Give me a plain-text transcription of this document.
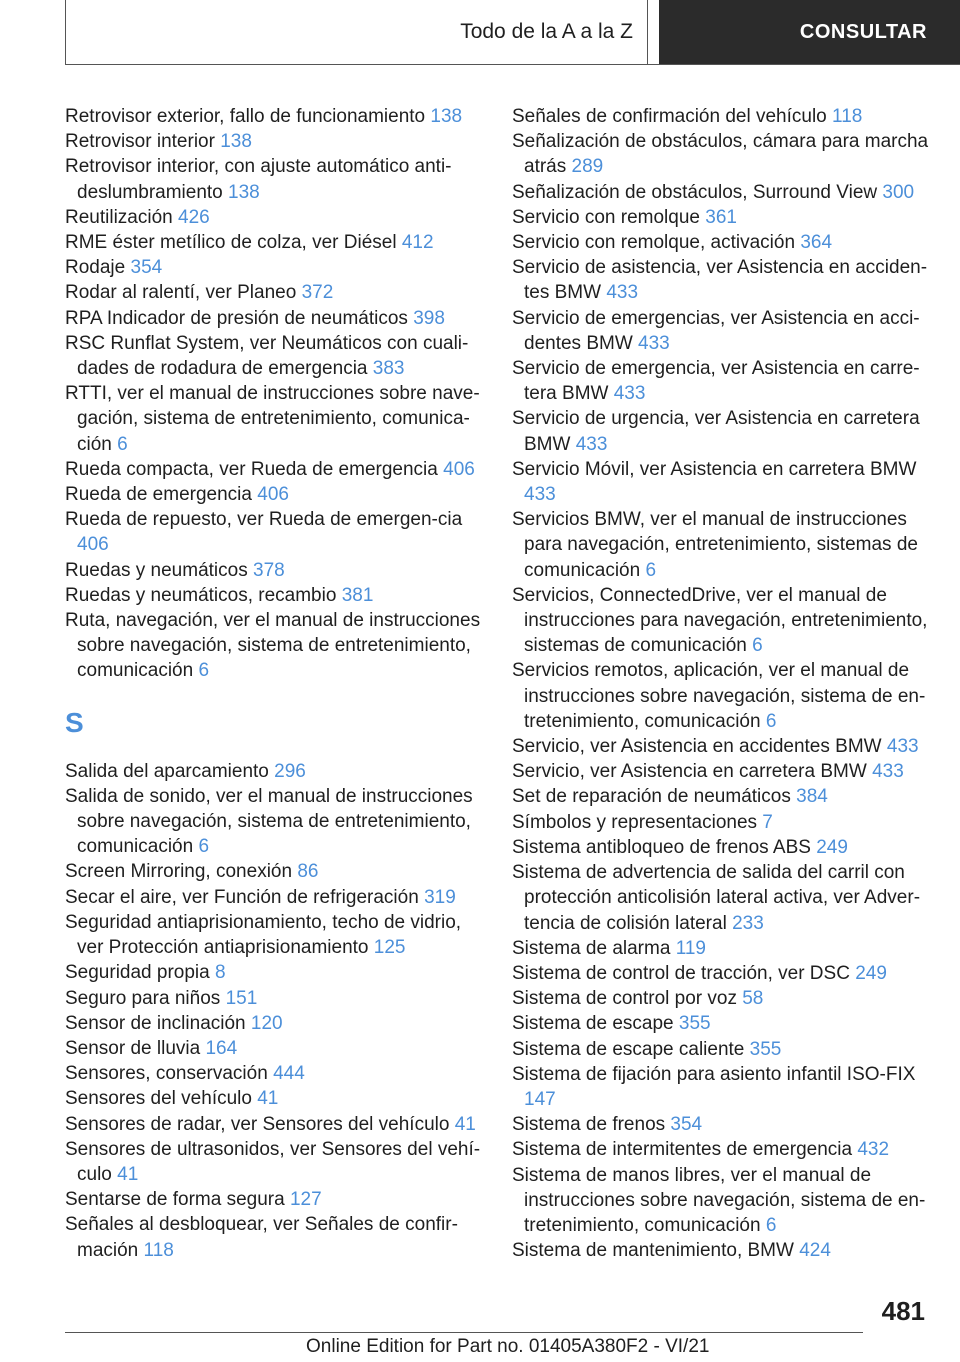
Todo de la A a la Z	CONSULTAR
Retrovisor exterior, fallo de funcionamiento 138
Retrovisor interior 138
Retrovisor interior, con ajuste automático anti-deslumbramiento 138
Reutilización 426
RME éster metílico de colza, ver Diésel 412
Rodaje 354
Rodar al ralentí, ver Planeo 372
RPA Indicador de presión de neumáticos 398
RSC Runflat System, ver Neumáticos con cuali-dades de rodadura de emergencia 383
RTTI, ver el manual de instrucciones sobre nave-gación, sistema de entretenimiento, comunica-ción 6
Rueda compacta, ver Rueda de emergencia 406
Rueda de emergencia 406
Rueda de repuesto, ver Rueda de emergen-cia 406
Ruedas y neumáticos 378
Ruedas y neumáticos, recambio 381
Ruta, navegación, ver el manual de instrucciones sobre navegación, sistema de entretenimiento, comunicación 6
S
Salida del aparcamiento 296
Salida de sonido, ver el manual de instrucciones sobre navegación, sistema de entretenimiento, comunicación 6
Screen Mirroring, conexión 86
Secar el aire, ver Función de refrigeración 319
Seguridad antiaprisionamiento, techo de vidrio, ver Protección antiaprisionamiento 125
Seguridad propia 8
Seguro para niños 151
Sensor de inclinación 120
Sensor de lluvia 164
Sensores, conservación 444
Sensores del vehículo 41
Sensores de radar, ver Sensores del vehículo 41
Sensores de ultrasonidos, ver Sensores del vehí-culo 41
Sentarse de forma segura 127
Señales al desbloquear, ver Señales de confir-mación 118
Señales de confirmación del vehículo 118
Señalización de obstáculos, cámara para marcha atrás 289
Señalización de obstáculos, Surround View 300
Servicio con remolque 361
Servicio con remolque, activación 364
Servicio de asistencia, ver Asistencia en acciden-tes BMW 433
Servicio de emergencias, ver Asistencia en acci-dentes BMW 433
Servicio de emergencia, ver Asistencia en carre-tera BMW 433
Servicio de urgencia, ver Asistencia en carretera BMW 433
Servicio Móvil, ver Asistencia en carretera BMW 433
Servicios BMW, ver el manual de instrucciones para navegación, entretenimiento, sistemas de comunicación 6
Servicios, ConnectedDrive, ver el manual de instrucciones para navegación, entretenimiento, sistemas de comunicación 6
Servicios remotos, aplicación, ver el manual de instrucciones sobre navegación, sistema de en-tretenimiento, comunicación 6
Servicio, ver Asistencia en accidentes BMW 433
Servicio, ver Asistencia en carretera BMW 433
Set de reparación de neumáticos 384
Símbolos y representaciones 7
Sistema antibloqueo de frenos ABS 249
Sistema de advertencia de salida del carril con protección anticolisión lateral activa, ver Adver-tencia de colisión lateral 233
Sistema de alarma 119
Sistema de control de tracción, ver DSC 249
Sistema de control por voz 58
Sistema de escape 355
Sistema de escape caliente 355
Sistema de fijación para asiento infantil ISO-FIX 147
Sistema de frenos 354
Sistema de intermitentes de emergencia 432
Sistema de manos libres, ver el manual de instrucciones sobre navegación, sistema de en-tretenimiento, comunicación 6
Sistema de mantenimiento, BMW 424
481
Online Edition for Part no. 01405A380F2 - VI/21
